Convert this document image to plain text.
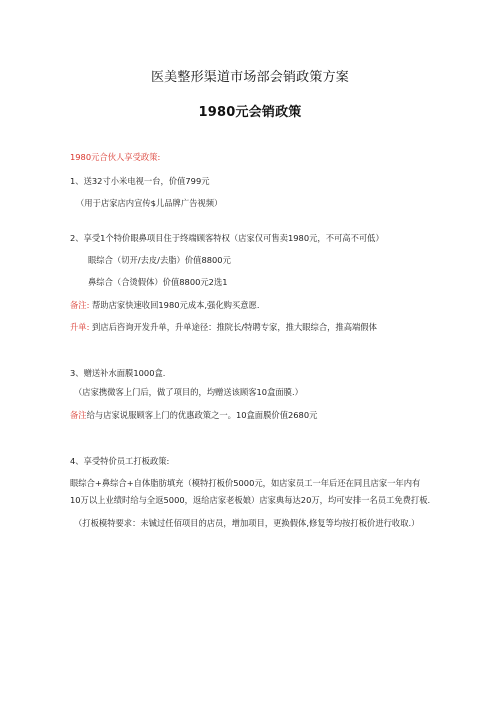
医美整形渠道市场部会销政策方案
1980元会销政策
1980元合伙人享受政策:
1、送32寸小米电视一台，价值799元
（用于店家店内宣传$儿品牌广告视频）
2、享受1个特价眼鼻项目住于终端顾客特权（店家仅可售卖1980元，不可高不可低）
眼综合（切开/去皮/去脂）价值8800元
鼻综合（合烫假体）价值8800元2选1
备注: 帮助店家快速收回1980元成本,强化购买意愿.
升单: 到店后咨询开发升单，升单途径：推院长/特聘专家，推大眼综合，推高端假体
3、赠送补水面膜1000盒.
（店家携微客上门后，做了项目的，均赠送该顾客10盒面膜.）
备注给与店家说服顾客上门的优惠政策之一。10盒面膜价值2680元
4、享受特价员工打板政策:
眼综合+鼻综合+自体脂肪填充（模特打板价5000元，如店家员工一年后还在同且店家一年内有
10万以上业绩时给与全返5000，返给店家老板娘）店家典每达20万，均可安排一名员工免费打板.
（打板模特要求：未铖过任佰项目的店员，增加项目，更换假体,修复等均按打板价进行收取.）
